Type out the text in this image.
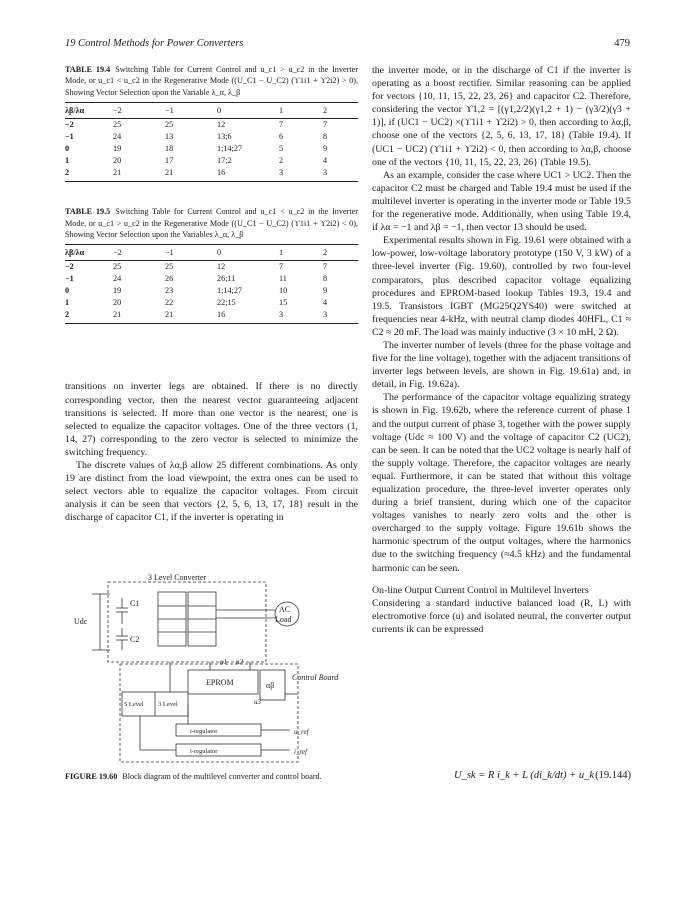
19 Control Methods for Power Converters	479
TABLE 19.4 Switching Table for Current Control and u_c1 > u_c2 in the Inverter Mode, or u_c1 < u_c2 in the Regenerative Mode ((U_C1 − U_C2) (ϒ1i1 + ϒ2i2) > 0), Showing Vector Selection upon the Variable λ_α, λ_β
λβ/λα	−2	−1	0	1	2
−2	25	25	12	7	7
−1	24	13	13;6	6	8
0	19	18	1;14;27	5	9
1	20	17	17;2	2	4
2	21	21	16	3	3
TABLE 19.5 Switching Table for Current Control and u_c1 < u_c2 in the Inverter Mode, or u_c1 > u_c2 in the Regenerative Mode ((U_C1 − U_C2) (ϒ1i1 + ϒ2i2) < 0), Showing Vector Selection upon the Variables λ_α, λ_β
λβ/λα	−2	−1	0	1	2
−2	25	25	12	7	7
−1	24	26	26;11	11	8
0	19	23	1;14;27	10	9
1	20	22	22;15	15	4
2	21	21	16	3	3

transitions on inverter legs are obtained. If there is no directly corresponding vector, then the nearest vector guaranteeing adjacent transitions is selected. If more than one vector is the nearest, one is selected to equalize the capacitor voltages. One of the three vectors (1, 14, 27) corresponding to the zero vector is selected to minimize the switching frequency.

The discrete values of λα,β allow 25 different combinations. As only 19 are distinct from the load viewpoint, the extra ones can be used to select vectors able to equalize the capacitor voltages. From circuit analysis it can be seen that vectors {2, 5, 6, 13, 17, 18} result in the discharge of capacitor C1, if the inverter is operating in

3 Level Converter
Udc
C1
C2
AC
Load
EPROM	αβ
Control Board
5 Level 3 Level
i-regulator
i-regulator
u1 u2
u3
u_ref
i_ref
FIGURE 19.60 Block diagram of the multilevel converter and control board.

the inverter mode, or in the discharge of C1 if the inverter is operating as a boost rectifier. Similar reasoning can be applied for vectors {10, 11, 15, 22, 23, 26} and capacitor C2. Therefore, considering the vector ϒ1,2 = [(γ1,2/2)(γ1,2 + 1) − (γ3/2)(γ3 + 1)], if (UC1 − UC2) ×(ϒ1i1 + ϒ2i2) > 0, then according to λα,β, choose one of the vectors {2, 5, 6, 13, 17, 18} (Table 19.4). If (UC1 − UC2) (ϒ1i1 + ϒ2i2) < 0, then according to λα,β, choose one of the vectors {10, 11, 15, 22, 23, 26} (Table 19.5).

As an example, consider the case where UC1 > UC2. Then the capacitor C2 must be charged and Table 19.4 must be used if the multilevel inverter is operating in the inverter mode or Table 19.5 for the regenerative mode. Additionally, when using Table 19.4, if λα = −1 and λβ = −1, then vector 13 should be used.

Experimental results shown in Fig. 19.61 were obtained with a low-power, low-voltage laboratory prototype (150 V, 3 kW) of a three-level inverter (Fig. 19.60), controlled by two four-level comparators, plus described capacitor voltage equalizing procedures and EPROM-based lookup Tables 19.3, 19.4 and 19.5. Transistors IGBT (MG25Q2YS40) were switched at frequencies near 4-kHz, with neutral clamp diodes 40HFL, C1 ≈ C2 ≈ 20 mF. The load was mainly inductive (3 × 10 mH, 2 Ω).

The inverter number of levels (three for the phase voltage and five for the line voltage), together with the adjacent transitions of inverter legs between levels, are shown in Fig. 19.61a) and, in detail, in Fig. 19.62a).

The performance of the capacitor voltage equalizing strategy is shown in Fig. 19.62b, where the reference current of phase 1 and the output current of phase 3, together with the power supply voltage (Udc ≈ 100 V) and the voltage of capacitor C2 (UC2), can be seen. It can be noted that the UC2 voltage is nearly half of the supply voltage. Therefore, the capacitor voltages are nearly equal. Furthermore, it can be stated that without this voltage equalization procedure, the three-level inverter operates only during a brief transient, during which one of the capacitor voltages vanishes to nearly zero volts and the other is overcharged to the supply voltage. Figure 19.61b shows the harmonic spectrum of the output voltages, where the harmonics due to the switching frequency (≈4.5 kHz) and the fundamental harmonic can be seen.

On-line Output Current Control in Multilevel Inverters

Considering a standard inductive balanced load (R, L) with electromotive force (u) and isolated neutral, the converter output currents ik can be expressed

U_sk = R i_k + L (di_k/dt) + u_k (19.144)
